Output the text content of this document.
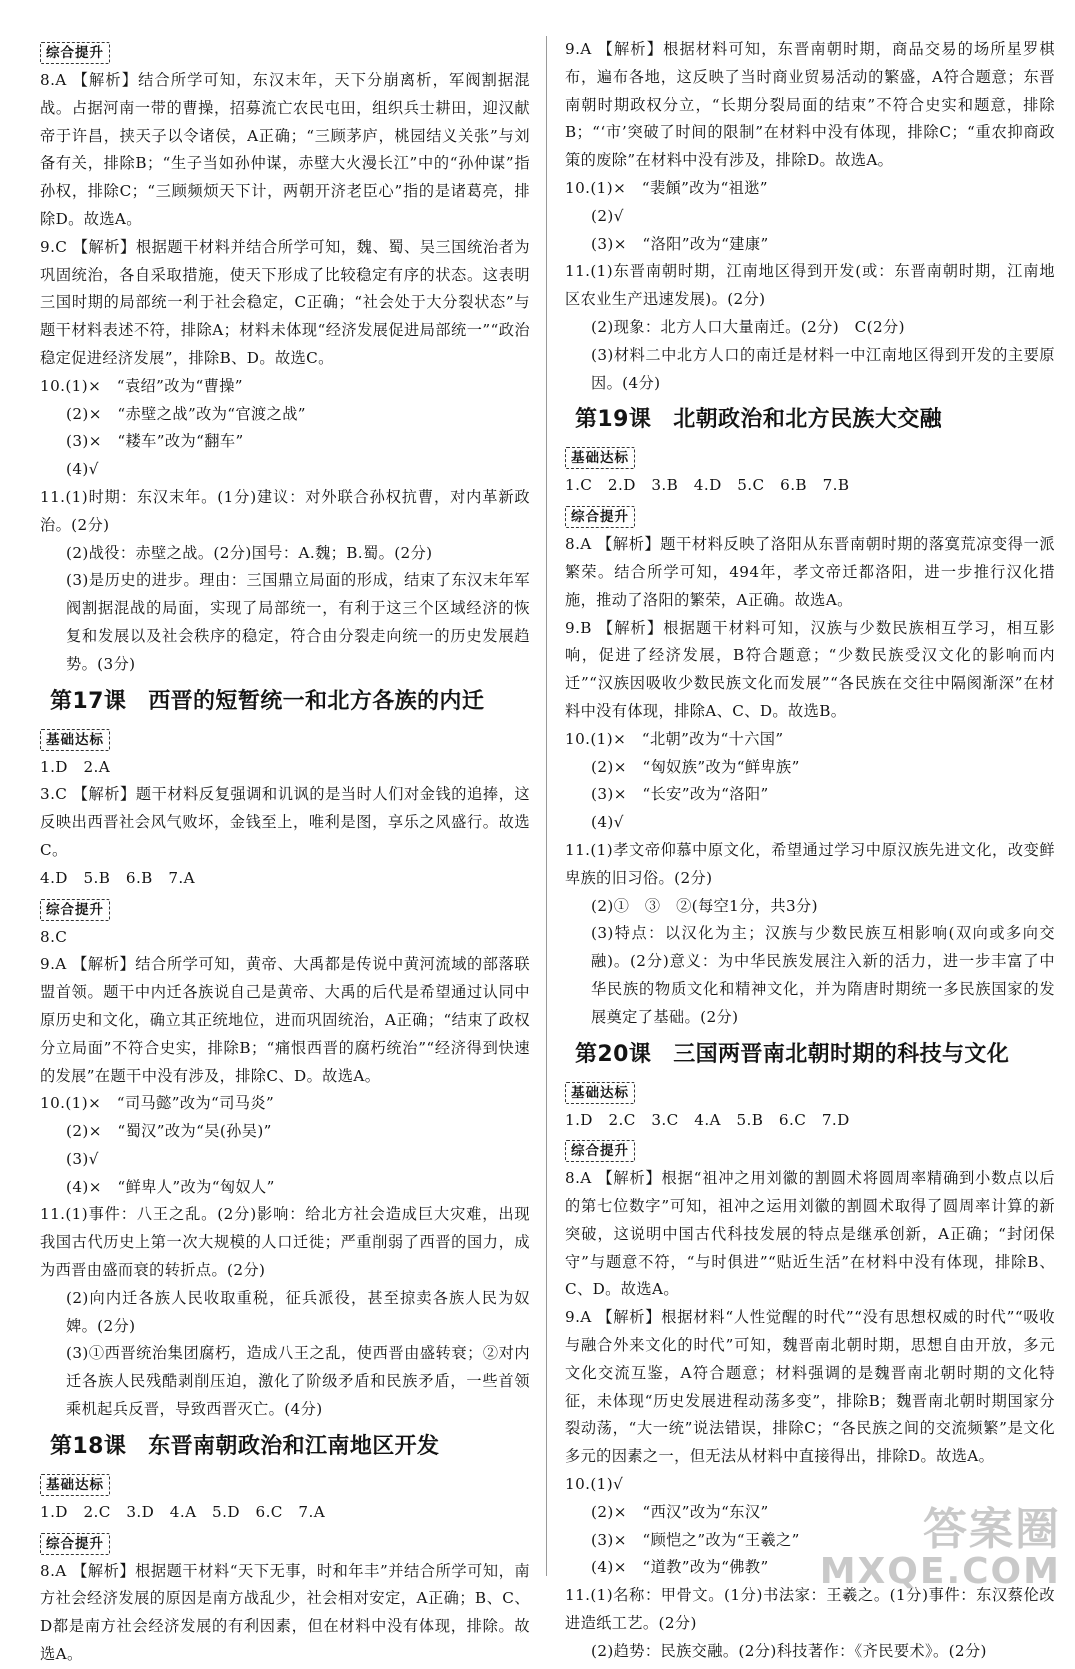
综合提升

8.A 【解析】结合所学可知，东汉末年，天下分崩离析，军阀割据混战。占据河南一带的曹操，招募流亡农民屯田，组织兵士耕田，迎汉献帝于许昌，挟天子以令诸侯，A正确；“三顾茅庐，桃园结义关张”与刘备有关，排除B；“生子当如孙仲谋，赤壁大火漫长江”中的“孙仲谋”指孙权，排除C；“三顾频烦天下计，两朝开济老臣心”指的是诸葛亮，排除D。故选A。

9.C 【解析】根据题干材料并结合所学可知，魏、蜀、吴三国统治者为巩固统治，各自采取措施，使天下形成了比较稳定有序的状态。这表明三国时期的局部统一利于社会稳定，C正确；“社会处于大分裂状态”与题干材料表述不符，排除A；材料未体现“经济发展促进局部统一”“政治稳定促进经济发展”，排除B、D。故选C。

10.(1)×　“袁绍”改为“曹操”

(2)×　“赤壁之战”改为“官渡之战”

(3)×　“耧车”改为“翻车”

(4)√

11.(1)时期：东汉末年。(1分)建议：对外联合孙权抗曹，对内革新政治。(2分)

(2)战役：赤壁之战。(2分)国号：A.魏；B.蜀。(2分)

(3)是历史的进步。理由：三国鼎立局面的形成，结束了东汉末年军阀割据混战的局面，实现了局部统一，有利于这三个区域经济的恢复和发展以及社会秩序的稳定，符合由分裂走向统一的历史发展趋势。(3分)

第17课 西晋的短暂统一和北方各族的内迁
基础达标

1.D　2.A

3.C 【解析】题干材料反复强调和讥讽的是当时人们对金钱的追捧，这反映出西晋社会风气败坏，金钱至上，唯利是图，享乐之风盛行。故选C。

4.D　5.B　6.B　7.A

综合提升

8.C

9.A 【解析】结合所学可知，黄帝、大禹都是传说中黄河流域的部落联盟首领。题干中内迁各族说自己是黄帝、大禹的后代是希望通过认同中原历史和文化，确立其正统地位，进而巩固统治，A正确；“结束了政权分立局面”不符合史实，排除B；“痛恨西晋的腐朽统治”“经济得到快速的发展”在题干中没有涉及，排除C、D。故选A。

10.(1)×　“司马懿”改为“司马炎”

(2)×　“蜀汉”改为“吴(孙吴)”

(3)√

(4)×　“鲜卑人”改为“匈奴人”

11.(1)事件：八王之乱。(2分)影响：给北方社会造成巨大灾难，出现我国古代历史上第一次大规模的人口迁徙；严重削弱了西晋的国力，成为西晋由盛而衰的转折点。(2分)

(2)向内迁各族人民收取重税，征兵派役，甚至掠卖各族人民为奴婢。(2分)

(3)①西晋统治集团腐朽，造成八王之乱，使西晋由盛转衰；②对内迁各族人民残酷剥削压迫，激化了阶级矛盾和民族矛盾，一些首领乘机起兵反晋，导致西晋灭亡。(4分)

第18课 东晋南朝政治和江南地区开发
基础达标

1.D　2.C　3.D　4.A　5.D　6.C　7.A

综合提升

8.A 【解析】根据题干材料“天下无事，时和年丰”并结合所学可知，南方社会经济发展的原因是南方战乱少，社会相对安定，A正确；B、C、D都是南方社会经济发展的有利因素，但在材料中没有体现，排除。故选A。

9.A 【解析】根据材料可知，东晋南朝时期，商品交易的场所星罗棋布，遍布各地，这反映了当时商业贸易活动的繁盛，A符合题意；东晋南朝时期政权分立，“长期分裂局面的结束”不符合史实和题意，排除B；“‘市’突破了时间的限制”在材料中没有体现，排除C；“重农抑商政策的废除”在材料中没有涉及，排除D。故选A。

10.(1)×　“裴頠”改为“祖逖”

(2)√

(3)×　“洛阳”改为“建康”

11.(1)东晋南朝时期，江南地区得到开发(或：东晋南朝时期，江南地区农业生产迅速发展)。(2分)

(2)现象：北方人口大量南迁。(2分)　C(2分)

(3)材料二中北方人口的南迁是材料一中江南地区得到开发的主要原因。(4分)

第19课 北朝政治和北方民族大交融
基础达标

1.C　2.D　3.B　4.D　5.C　6.B　7.B

综合提升

8.A 【解析】题干材料反映了洛阳从东晋南朝时期的落寞荒凉变得一派繁荣。结合所学可知，494年，孝文帝迁都洛阳，进一步推行汉化措施，推动了洛阳的繁荣，A正确。故选A。

9.B 【解析】根据题干材料可知，汉族与少数民族相互学习，相互影响，促进了经济发展，B符合题意；“少数民族受汉文化的影响而内迁”“汉族因吸收少数民族文化而发展”“各民族在交往中隔阂渐深”在材料中没有体现，排除A、C、D。故选B。

10.(1)×　“北朝”改为“十六国”

(2)×　“匈奴族”改为“鲜卑族”

(3)×　“长安”改为“洛阳”

(4)√

11.(1)孝文帝仰慕中原文化，希望通过学习中原汉族先进文化，改变鲜卑族的旧习俗。(2分)

(2)①　③　②(每空1分，共3分)

(3)特点：以汉化为主；汉族与少数民族互相影响(双向或多向交融)。(2分)意义：为中华民族发展注入新的活力，进一步丰富了中华民族的物质文化和精神文化，并为隋唐时期统一多民族国家的发展奠定了基础。(2分)

第20课 三国两晋南北朝时期的科技与文化
基础达标

1.D　2.C　3.C　4.A　5.B　6.C　7.D

综合提升

8.A 【解析】根据“祖冲之用刘徽的割圆术将圆周率精确到小数点以后的第七位数字”可知，祖冲之运用刘徽的割圆术取得了圆周率计算的新突破，这说明中国古代科技发展的特点是继承创新，A正确；“封闭保守”与题意不符，“与时俱进”“贴近生活”在材料中没有体现，排除B、C、D。故选A。

9.A 【解析】根据材料“人性觉醒的时代”“没有思想权威的时代”“吸收与融合外来文化的时代”可知，魏晋南北朝时期，思想自由开放，多元文化交流互鉴，A符合题意；材料强调的是魏晋南北朝时期的文化特征，未体现“历史发展进程动荡多变”，排除B；魏晋南北朝时期国家分裂动荡，“大一统”说法错误，排除C；“各民族之间的交流频繁”是文化多元的因素之一，但无法从材料中直接得出，排除D。故选A。

10.(1)√

(2)×　“西汉”改为“东汉”

(3)×　“顾恺之”改为“王羲之”

(4)×　“道教”改为“佛教”

11.(1)名称：甲骨文。(1分)书法家：王羲之。(1分)事件：东汉蔡伦改进造纸工艺。(2分)

(2)趋势：民族交融。(2分)科技著作：《齐民要术》。(2分)

答案圈
MXQE.COM
